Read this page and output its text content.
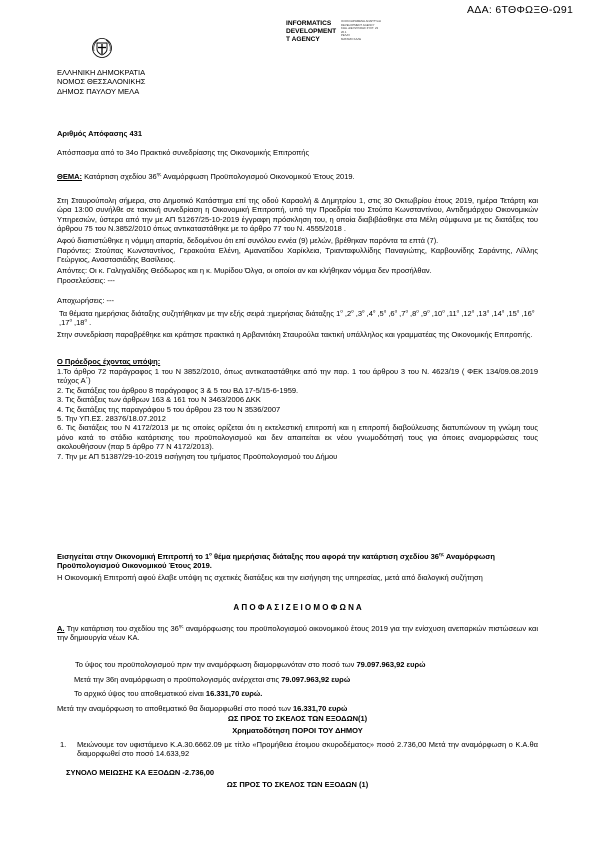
ΑΔΑ: 6ΤΘΦΩΞΘ-Ω91
INFORMATICS
DEVELOPMENT
T AGENCY
ΟΛΟΚΛΗΡΩΜΕΝΗ ΑΝΑΠΤΥΞΗ
DEVELOPMENT AGENCY
ΚΩΔ. ΔΙΕΥΘΥΝΣΗΣ ΣΥΣΤ. 23
20.1
ΡΕΛΑΥ
ΜΑΤΑΜΟ ΚΑΛΕ

ΕΛΛΗΝΙΚΗ ΔΗΜΟΚΡΑΤΙΑ

ΝΟΜΟΣ ΘΕΣΣΑΛΟΝΙΚΗΣ

ΔΗΜΟΣ ΠΑΥΛΟΥ ΜΕΛΑ

Αριθμός Απόφασης 431
Απόσπασμα από το 34ο Πρακτικό συνεδρίασης της Οικονομικής Επιτροπής
ΘΕΜΑ: Κατάρτιση σχεδίου $36^{\eta\varsigma}$ Αναμόρφωση Προϋπολογισμού Οικονομικού Έτους 2019.
Στη Σταυρούπολη σήμερα, στο Δημοτικό Κατάστημα επί της οδού Καραολή & Δημητρίου 1, στις 30 Οκτωβρίου έτους 2019, ημέρα Τετάρτη και ώρα 13:00 συνήλθε σε τακτική συνεδρίαση η Οικονομική Επιτροπή, υπό την Προεδρία του Στούπα Κωνσταντίνου, Αντιδημάρχου Οικονομικών Υπηρεσιών, ύστερα από την με ΑΠ 51267/25-10-2019 έγγραφη πρόσκληση του, η οποία διαβιβάσθηκε στα Μέλη σύμφωνα με τις διατάξεις του άρθρου 75 του Ν.3852/2010 όπως αντικαταστάθηκε με το άρθρο 77 του Ν. 4555/2018 .
Αφού διαπιστώθηκε η νόμιμη απαρτία, δεδομένου ότι επί συνόλου εννέα (9) μελών, βρέθηκαν παρόντα τα επτά (7).
Παρόντες: Στούπας Κωνσταντίνος, Γερακούτα Ελένη, Αμανατίδου Χαρίκλεια, Τριανταφυλλίδης Παναγιώτης, Καρβουνίδης Σαράντης, Λίλλης Γεώργιος, Αναστασιάδης Βασίλειος.
Απόντες: Οι κ. Γαληγαλίδης Θεόδωρος και η κ. Μυρίδου Όλγα, οι οποίοι αν και κλήθηκαν νόμιμα δεν προσήλθαν.
Προσελεύσεις: ---
Αποχωρήσεις: ---
Τα θέματα ημερήσιας διάταξης συζητήθηκαν με την εξής σειρά :ημερήσιας διάταξης $1^o$ $,2^o$ $,3^o$ $,4^o$ $,5^o$ $,6^o$ $,7^o$ $,8^o$ $,9^o$ $,10^o$ $,11^o$ $,12^o$ $,13^o$ $,14^o$ $,15^o$ $,16^o$ $,17^o$ $,18^o$ .
Στην συνεδρίαση παραβρέθηκε και κράτησε πρακτικά η Αρβανιτάκη Σταυρούλα τακτική υπάλληλος και γραμματέας της Οικονομικής Επιτροπής.
Ο Πρόεδρος έχοντας υπόψη:

1.Το άρθρο 72 παράγραφος 1 του Ν 3852/2010, όπως αντικαταστάθηκε από την παρ. 1 του άρθρου 3 του Ν. 4623/19 ( ΦΕΚ 134/09.08.2019 τεύχος Α΄)

2. Τις διατάξεις του άρθρου 8 παράγραφος 3 & 5 του ΒΔ 17-5/15-6-1959.

3. Τις διατάξεις των άρθρων 163 & 161 του Ν 3463/2006 ΔΚΚ

4. Τις διατάξεις της παραγράφου 5 του άρθρου 23 του Ν 3536/2007

5. Την ΥΠ.ΕΣ. 28376/18.07.2012

6. Τις διατάξεις του Ν 4172/2013 με τις οποίες ορίζεται ότι η εκτελεστική επιτροπή και η επιτροπή διαβούλευσης διατυπώνουν τη γνώμη τους μόνο κατά το στάδιο κατάρτισης του προϋπολογισμού και δεν απαιτείται εκ νέου γνωμοδότησή τους για όποιες αναμορφώσεις τους ακολουθήσουν (παρ 5 άρθρο 77 Ν 4172/2013).

7. Την με ΑΠ 51387/29-10-2019 εισήγηση του τμήματος Προϋπολογισμού του Δήμου

Εισηγείται στην Οικονομική Επιτροπή το $1^o$ θέμα ημερήσιας διάταξης που αφορά την κατάρτιση σχεδίου $36^{\eta\varsigma}$ Αναμόρφωση Προϋπολογισμού Οικονομικού Έτους 2019.
Η Οικονομική Επιτροπή αφού έλαβε υπόψη τις σχετικές διατάξεις και την εισήγηση της υπηρεσίας, μετά από διαλογική συζήτηση
Α Π Ο Φ Α Σ Ι Ζ Ε Ι Ο Μ Ο Φ Ω Ν Α
Α. Την κατάρτιση του σχεδίου της $36^{\eta\varsigma}$ αναμόρφωσης του προϋπολογισμού οικονομικού έτους 2019 για την ενίσχυση ανεπαρκών πιστώσεων και την δημιουργία νέων ΚΑ.
Το ύψος του προϋπολογισμού πριν την αναμόρφωση διαμορφωνόταν στο ποσό των 79.097.963,92 ευρώ
Μετά την 36η αναμόρφωση ο προϋπολογισμός ανέρχεται στις 79.097.963,92 ευρώ
Το αρχικό ύψος του αποθεματικού είναι 16.331,70 ευρώ.
Μετά την αναμόρφωση το αποθεματικό θα διαμορφωθεί στο ποσό των 16.331,70 ευρώ
ΩΣ ΠΡΟΣ ΤΟ ΣΚΕΛΟΣ ΤΩΝ ΕΞΟΔΩΝ(1)
Χρηματοδότηση ΠΟΡΟΙ ΤΟΥ ΔΗΜΟΥ
1. Μειώνουμε τον υφιστάμενο Κ.Α.30.6662.09 με τίτλο «Προμήθεια έτοιμου σκυροδέματος» ποσό 2.736,00 Μετά την αναμόρφωση ο Κ.Α.θα διαμορφωθεί στο ποσό 14.633,92
ΣΥΝΟΛΟ ΜΕΙΩΣΗΣ ΚΑ ΕΞΟΔΩΝ -2.736,00
ΩΣ ΠΡΟΣ ΤΟ ΣΚΕΛΟΣ ΤΩΝ ΕΞΟΔΩΝ (1)
